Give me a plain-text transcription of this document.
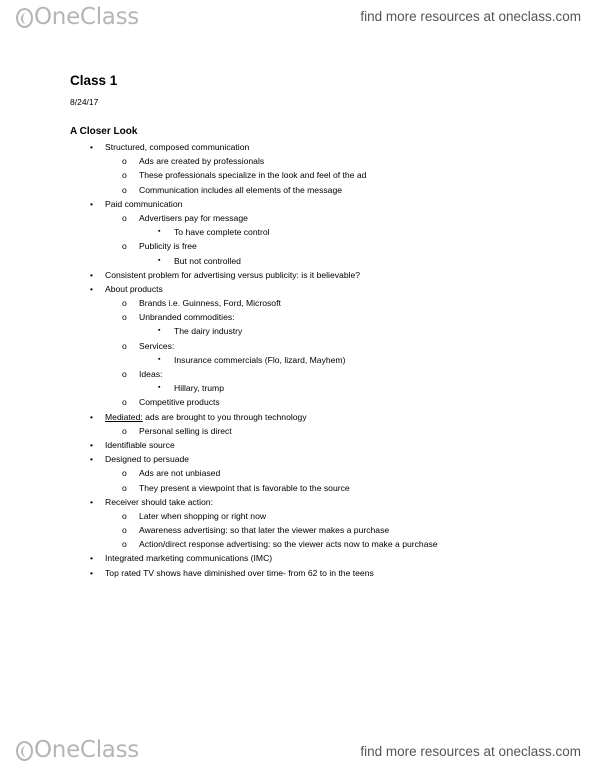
OneClass	find more resources at oneclass.com
Class 1
8/24/17
A Closer Look
• Structured, composed communication
o Ads are created by professionals
o These professionals specialize in the look and feel of the ad
o Communication includes all elements of the message
• Paid communication
o Advertisers pay for message
▪ To have complete control
o Publicity is free
▪ But not controlled
• Consistent problem for advertising versus publicity: is it believable?
• About products
o Brands i.e. Guinness, Ford, Microsoft
o Unbranded commodities:
▪ The dairy industry
o Services:
▪ Insurance commercials (Flo, lizard, Mayhem)
o Ideas:
▪ Hillary, trump
o Competitive products
• Mediated: ads are brought to you through technology
o Personal selling is direct
• Identifiable source
• Designed to persuade
o Ads are not unbiased
o They present a viewpoint that is favorable to the source
• Receiver should take action:
o Later when shopping or right now
o Awareness advertising: so that later the viewer makes a purchase
o Action/direct response advertising: so the viewer acts now to make a purchase
• Integrated marketing communications (IMC)
• Top rated TV shows have diminished over time- from 62 to in the teens
OneClass	find more resources at oneclass.com
